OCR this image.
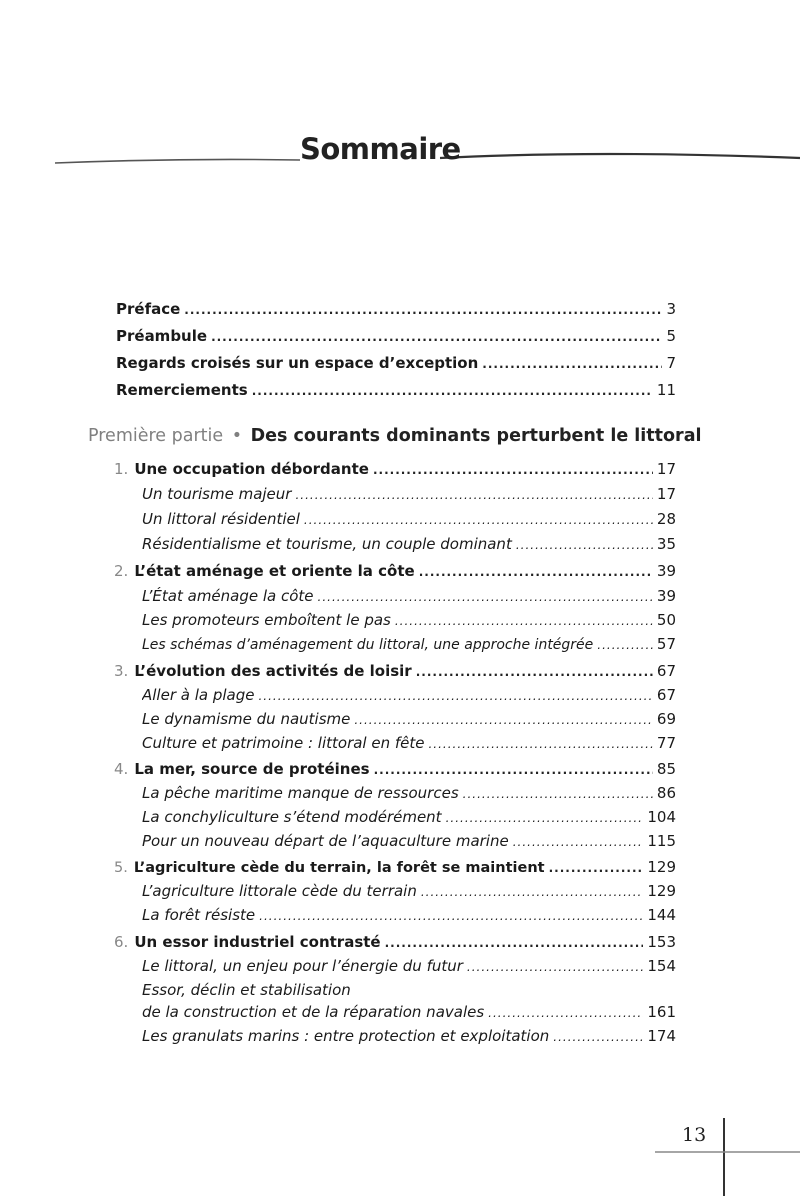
Sommaire
Préface .....	3
Préambule .....	5
Regards croisés sur un espace d’exception .....	7
Remerciements .....	11
Première partie • Des courants dominants perturbent le littoral
1. Une occupation débordante .....	17
Un tourisme majeur .....	17
Un littoral résidentiel .....	28
Résidentialisme et tourisme, un couple dominant .....	35
2. L’état aménage et oriente la côte .....	39
L’État aménage la côte .....	39
Les promoteurs emboîtent le pas .....	50
Les schémas d’aménagement du littoral, une approche intégrée .....	57
3. L’évolution des activités de loisir .....	67
Aller à la plage .....	67
Le dynamisme du nautisme .....	69
Culture et patrimoine : littoral en fête .....	77
4. La mer, source de protéines .....	85
La pêche maritime manque de ressources .....	86
La conchyliculture s’étend modérément .....	104
Pour un nouveau départ de l’aquaculture marine .....	115
5. L’agriculture cède du terrain, la forêt se maintient .....	129
L’agriculture littorale cède du terrain .....	129
La forêt résiste .....	144
6. Un essor industriel contrasté .....	153
Le littoral, un enjeu pour l’énergie du futur .....	154
Essor, déclin et stabilisation
de la construction et de la réparation navales .....	161
Les granulats marins : entre protection et exploitation .....	174
13
